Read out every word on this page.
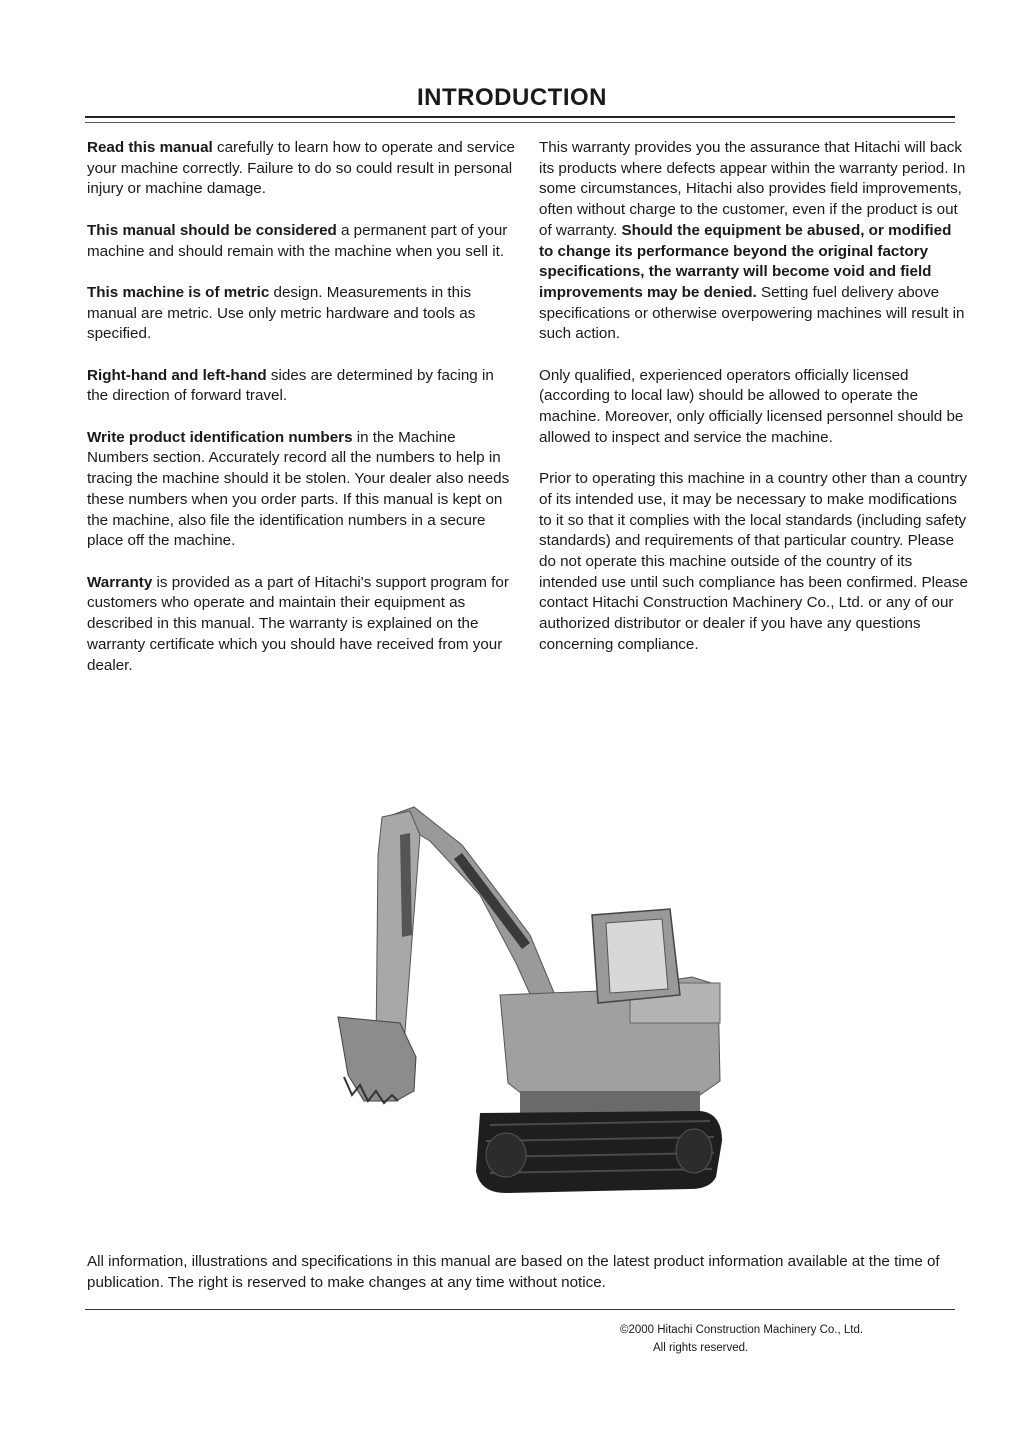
INTRODUCTION

Read this manual carefully to learn how to operate and service your machine correctly. Failure to do so could result in personal injury or machine damage.

This manual should be considered a permanent part of your machine and should remain with the machine when you sell it.

This machine is of metric design. Measurements in this manual are metric. Use only metric hardware and tools as specified.

Right-hand and left-hand sides are determined by facing in the direction of forward travel.

Write product identification numbers in the Machine Numbers section. Accurately record all the numbers to help in tracing the machine should it be stolen. Your dealer also needs these numbers when you order parts. If this manual is kept on the machine, also file the identification numbers in a secure place off the machine.

Warranty is provided as a part of Hitachi's support program for customers who operate and maintain their equipment as described in this manual. The warranty is explained on the warranty certificate which you should have received from your dealer.

This warranty provides you the assurance that Hitachi will back its products where defects appear within the warranty period. In some circumstances, Hitachi also provides field improvements, often without charge to the customer, even if the product is out of warranty. Should the equipment be abused, or modified to change its performance beyond the original factory specifications, the warranty will become void and field improvements may be denied. Setting fuel delivery above specifications or otherwise overpowering machines will result in such action.

Only qualified, experienced operators officially licensed (according to local law) should be allowed to operate the machine. Moreover, only officially licensed personnel should be allowed to inspect and service the machine.

Prior to operating this machine in a country other than a country of its intended use, it may be necessary to make modifications to it so that it complies with the local standards (including safety standards) and requirements of that particular country. Please do not operate this machine outside of the country of its intended use until such compliance has been confirmed. Please contact Hitachi Construction Machinery Co., Ltd. or any of our authorized distributor or dealer if you have any questions concerning compliance.

All information, illustrations and specifications in this manual are based on the latest product information available at the time of publication. The right is reserved to make changes at any time without notice.
©2000 Hitachi Construction Machinery Co., Ltd.
All rights reserved.
